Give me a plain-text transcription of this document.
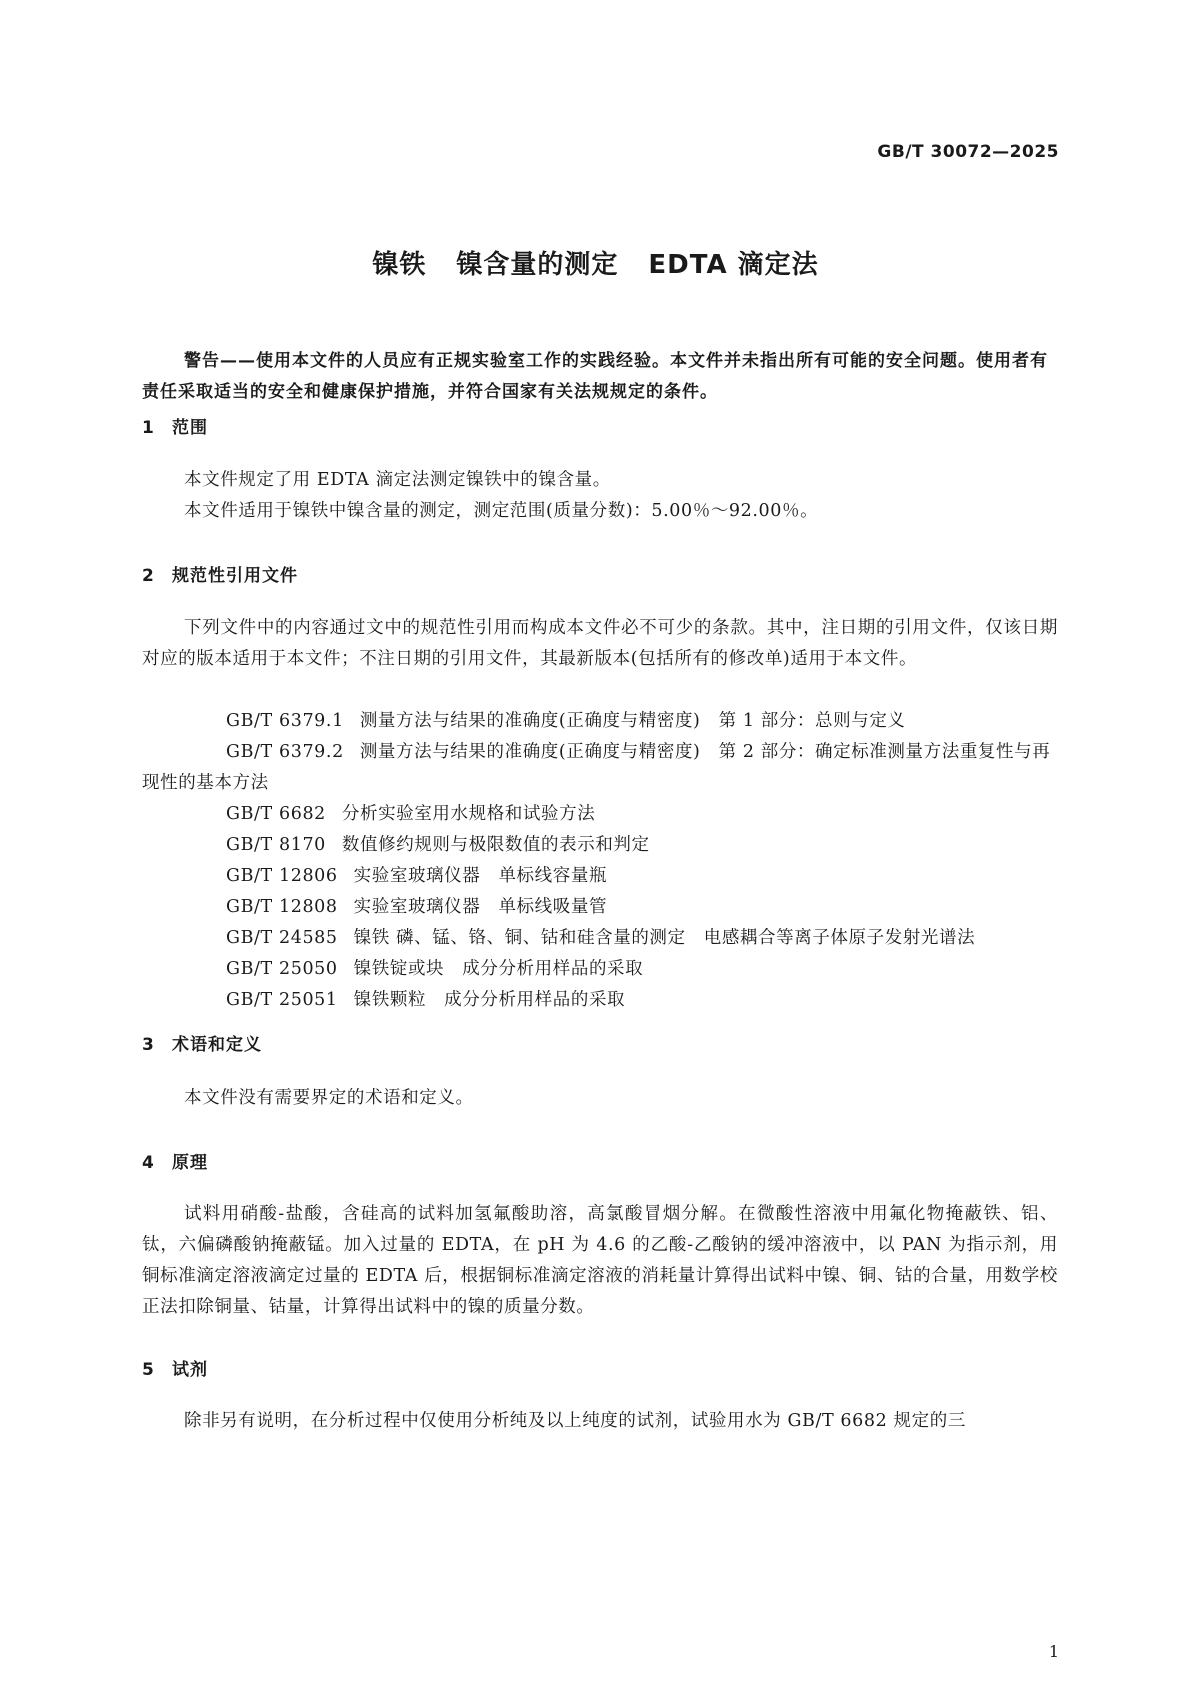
GB/T 30072—2025
镍铁 镍含量的测定 EDTA 滴定法
警告——使用本文件的人员应有正规实验室工作的实践经验。本文件并未指出所有可能的安全问题。使用者有责任采取适当的安全和健康保护措施，并符合国家有关法规规定的条件。
1 范围
本文件规定了用 EDTA 滴定法测定镍铁中的镍含量。
本文件适用于镍铁中镍含量的测定，测定范围(质量分数)：5.00％～92.00％。
2 规范性引用文件
下列文件中的内容通过文中的规范性引用而构成本文件必不可少的条款。其中，注日期的引用文件，仅该日期对应的版本适用于本文件；不注日期的引用文件，其最新版本(包括所有的修改单)适用于本文件。
GB/T 6379.1 测量方法与结果的准确度(正确度与精密度)　第 1 部分：总则与定义
GB/T 6379.2 测量方法与结果的准确度(正确度与精密度)　第 2 部分：确定标准测量方法重复性与再现性的基本方法
GB/T 6682 分析实验室用水规格和试验方法
GB/T 8170 数值修约规则与极限数值的表示和判定
GB/T 12806 实验室玻璃仪器　单标线容量瓶
GB/T 12808 实验室玻璃仪器　单标线吸量管
GB/T 24585 镍铁 磷、锰、铬、铜、钴和硅含量的测定　电感耦合等离子体原子发射光谱法
GB/T 25050 镍铁锭或块　成分分析用样品的采取
GB/T 25051 镍铁颗粒　成分分析用样品的采取
3 术语和定义
本文件没有需要界定的术语和定义。
4 原理
试料用硝酸-盐酸，含硅高的试料加氢氟酸助溶，高氯酸冒烟分解。在微酸性溶液中用氟化物掩蔽铁、铝、钛，六偏磷酸钠掩蔽锰。加入过量的 EDTA，在 pH 为 4.6 的乙酸-乙酸钠的缓冲溶液中，以 PAN 为指示剂，用铜标准滴定溶液滴定过量的 EDTA 后，根据铜标准滴定溶液的消耗量计算得出试料中镍、铜、钴的合量，用数学校正法扣除铜量、钴量，计算得出试料中的镍的质量分数。
5 试剂
除非另有说明，在分析过程中仅使用分析纯及以上纯度的试剂，试验用水为 GB/T 6682 规定的三
1
